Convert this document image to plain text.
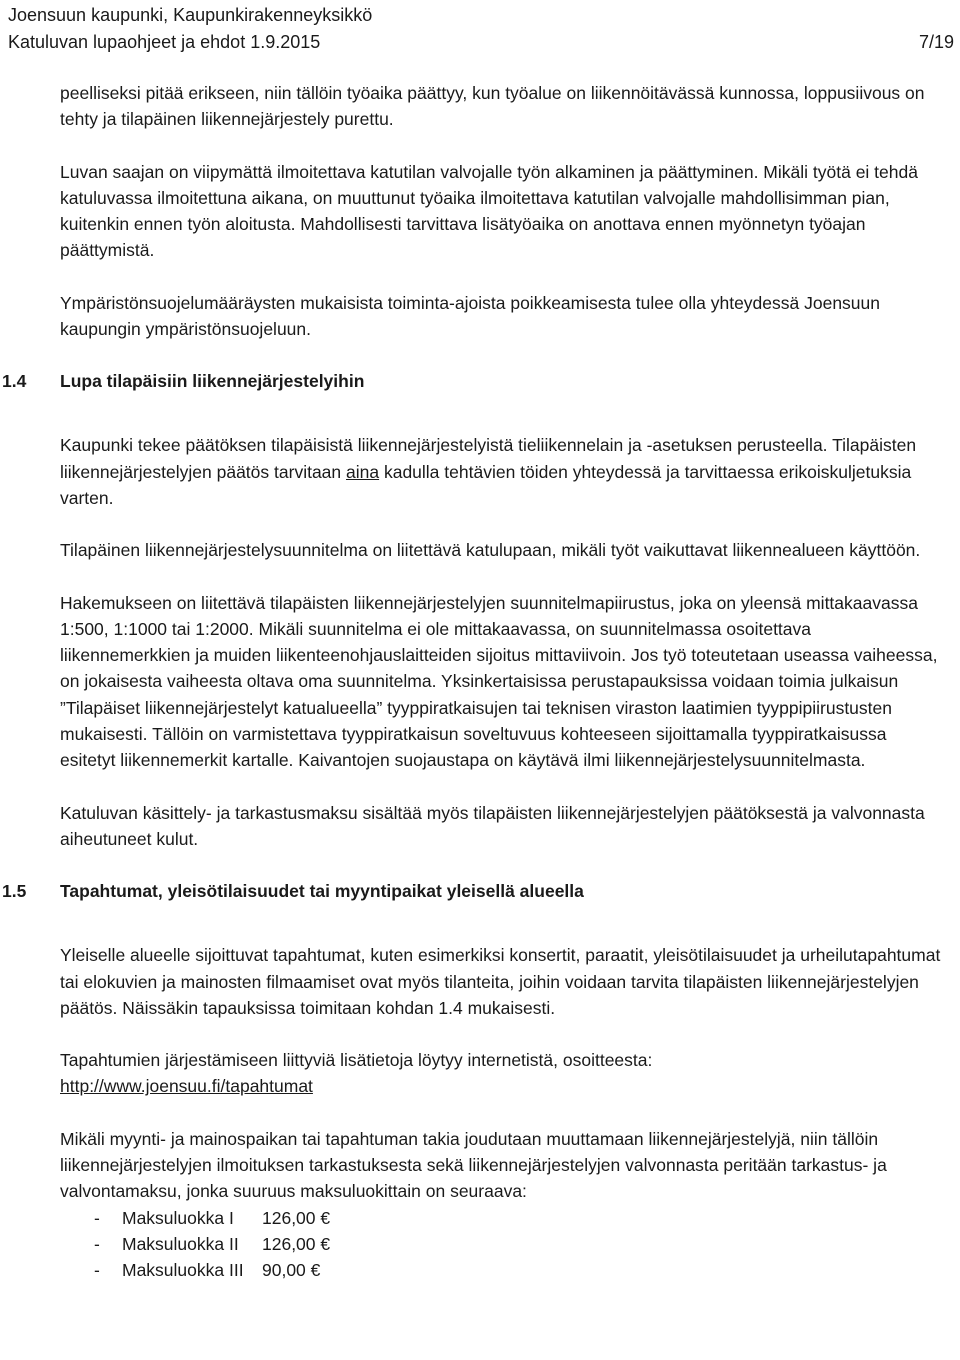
Joensuun kaupunki, Kaupunkirakenneyksikkö
Katuluvan lupaohjeet ja ehdot 1.9.2015	7/19

peelliseksi pitää erikseen, niin tällöin työaika päättyy, kun työalue on liikennöitävässä kunnossa, loppusiivous on tehty ja tilapäinen liikennejärjestely purettu.

Luvan saajan on viipymättä ilmoitettava katutilan valvojalle työn alkaminen ja päättyminen. Mikäli työtä ei tehdä katuluvassa ilmoitettuna aikana, on muuttunut työaika ilmoitettava katutilan valvojalle mahdollisimman pian, kuitenkin ennen työn aloitusta. Mahdollisesti tarvittava lisätyöaika on anottava ennen myönnetyn työajan päättymistä.

Ympäristönsuojelumääräysten mukaisista toiminta-ajoista poikkeamisesta tulee olla yhteydessä Joensuun kaupungin ympäristönsuojeluun.

1.4 Lupa tilapäisiin liikennejärjestelyihin

Kaupunki tekee päätöksen tilapäisistä liikennejärjestelyistä tieliikennelain ja -asetuksen perusteella. Tilapäisten liikennejärjestelyjen päätös tarvitaan aina kadulla tehtävien töiden yhteydessä ja tarvittaessa erikoiskuljetuksia varten.

Tilapäinen liikennejärjestelysuunnitelma on liitettävä katulupaan, mikäli työt vaikuttavat liikennealueen käyttöön.

Hakemukseen on liitettävä tilapäisten liikennejärjestelyjen suunnitelmapiirustus, joka on yleensä mittakaavassa 1:500, 1:1000 tai 1:2000. Mikäli suunnitelma ei ole mittakaavassa, on suunnitelmassa osoitettava liikennemerkkien ja muiden liikenteenohjauslaitteiden sijoitus mittaviivoin. Jos työ toteutetaan useassa vaiheessa, on jokaisesta vaiheesta oltava oma suunnitelma. Yksinkertaisissa perustapauksissa voidaan toimia julkaisun ”Tilapäiset liikennejärjestelyt katualueella” tyyppiratkaisujen tai teknisen viraston laatimien tyyppipiirustusten mukaisesti. Tällöin on varmistettava tyyppiratkaisun soveltuvuus kohteeseen sijoittamalla tyyppiratkaisussa esitetyt liikennemerkit kartalle. Kaivantojen suojaustapa on käytävä ilmi liikennejärjestelysuunnitelmasta.

Katuluvan käsittely- ja tarkastusmaksu sisältää myös tilapäisten liikennejärjestelyjen päätöksestä ja valvonnasta aiheutuneet kulut.

1.5 Tapahtumat, yleisötilaisuudet tai myyntipaikat yleisellä alueella

Yleiselle alueelle sijoittuvat tapahtumat, kuten esimerkiksi konsertit, paraatit, yleisötilaisuudet ja urheilutapahtumat tai elokuvien ja mainosten filmaamiset ovat myös tilanteita, joihin voidaan tarvita tilapäisten liikennejärjestelyjen päätös. Näissäkin tapauksissa toimitaan kohdan 1.4 mukaisesti.

Tapahtumien järjestämiseen liittyviä lisätietoja löytyy internetistä, osoitteesta:
http://www.joensuu.fi/tapahtumat

Mikäli myynti- ja mainospaikan tai tapahtuman takia joudutaan muuttamaan liikennejärjestelyjä, niin tällöin liikennejärjestelyjen ilmoituksen tarkastuksesta sekä liikennejärjestelyjen valvonnasta peritään tarkastus- ja valvontamaksu, jonka suuruus maksuluokittain on seuraava:

-	Maksuluokka I	126,00 €
-	Maksuluokka II	126,00 €
-	Maksuluokka III	90,00 €
